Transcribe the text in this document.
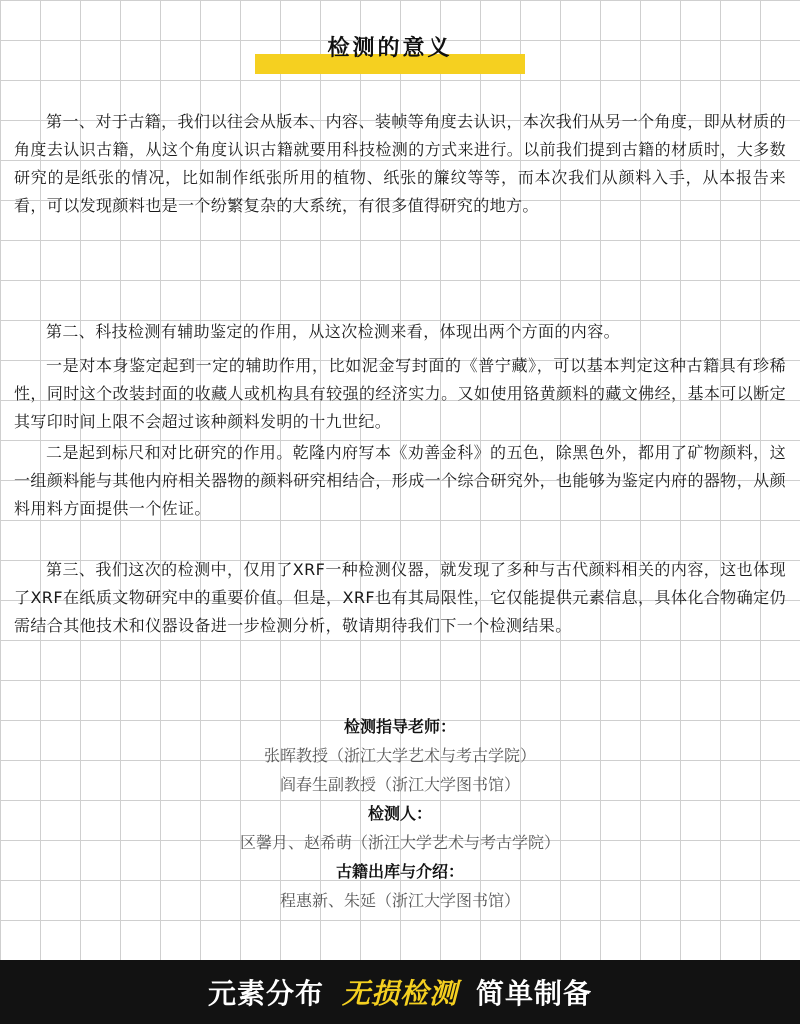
检测的意义

第一、对于古籍，我们以往会从版本、内容、装帧等角度去认识，本次我们从另一个角度，即从材质的角度去认识古籍，从这个角度认识古籍就要用科技检测的方式来进行。以前我们提到古籍的材质时，大多数研究的是纸张的情况，比如制作纸张所用的植物、纸张的簾纹等等，而本次我们从颜料入手，从本报告来看，可以发现颜料也是一个纷繁复杂的大系统，有很多值得研究的地方。

第二、科技检测有辅助鉴定的作用，从这次检测来看，体现出两个方面的内容。

一是对本身鉴定起到一定的辅助作用，比如泥金写封面的《普宁藏》，可以基本判定这种古籍具有珍稀性，同时这个改装封面的收藏人或机构具有较强的经济实力。又如使用铬黄颜料的藏文佛经，基本可以断定其写印时间上限不会超过该种颜料发明的十九世纪。

二是起到标尺和对比研究的作用。乾隆内府写本《劝善金科》的五色，除黑色外，都用了矿物颜料，这一组颜料能与其他内府相关器物的颜料研究相结合，形成一个综合研究外，也能够为鉴定内府的器物，从颜料用料方面提供一个佐证。

第三、我们这次的检测中，仅用了XRF一种检测仪器，就发现了多种与古代颜料相关的内容，这也体现了XRF在纸质文物研究中的重要价值。但是，XRF也有其局限性，它仅能提供元素信息，具体化合物确定仍需结合其他技术和仪器设备进一步检测分析，敬请期待我们下一个检测结果。

检测指导老师：
张晖教授（浙江大学艺术与考古学院）
阎春生副教授（浙江大学图书馆）
检测人：
区馨月、赵希萌（浙江大学艺术与考古学院）
古籍出库与介绍：
程惠新、朱延（浙江大学图书馆）
元素分布 无损检测 简单制备
